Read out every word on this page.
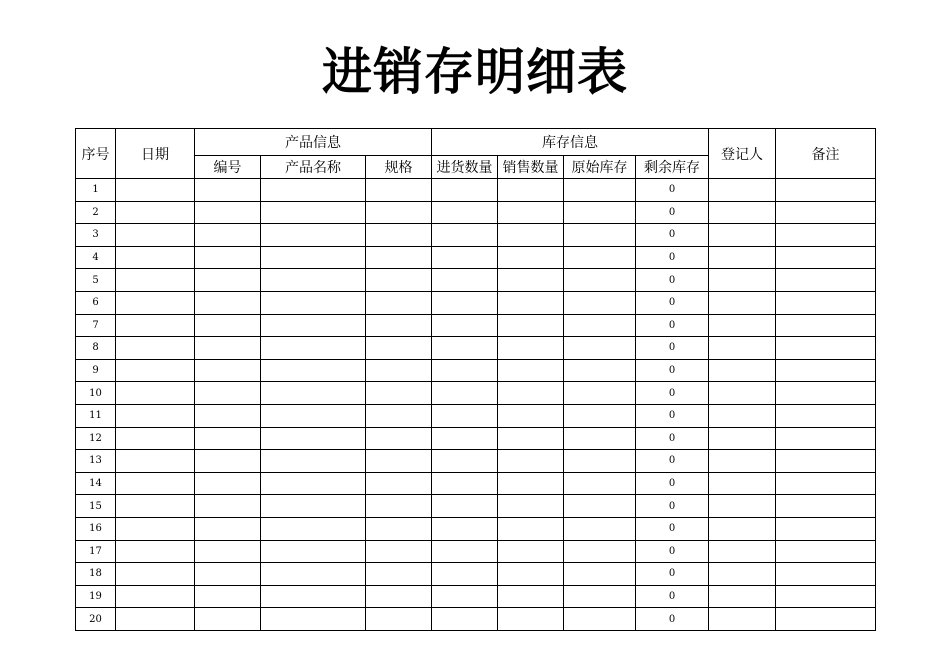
进销存明细表
序号	日期	产品信息			库存信息				登记人	备注
		编号	产品名称	规格	进货数量	销售数量	原始库存	剩余库存		
1								0		
2								0		
3								0		
4								0		
5								0		
6								0		
7								0		
8								0		
9								0		
10								0		
11								0		
12								0		
13								0		
14								0		
15								0		
16								0		
17								0		
18								0		
19								0		
20								0		
